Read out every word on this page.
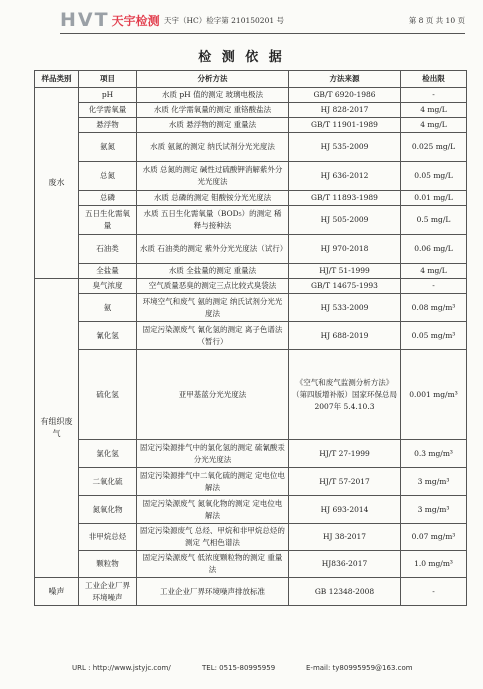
HVT 天宇检测 天宇（HC）检字第 210150201 号	第 8 页 共 10 页
检 测 依 据
样品类别	项目	分析方法	方法来源	检出限
废水	pH	水质 pH 值的测定 玻璃电极法	GB/T 6920-1986	-
	化学需氧量	水质 化学需氧量的测定 重铬酸盐法	HJ 828-2017	4 mg/L
	悬浮物	水质 悬浮物的测定 重量法	GB/T 11901-1989	4 mg/L
	氨氮	水质 氨氮的测定 纳氏试剂分光光度法	HJ 535-2009	0.025 mg/L
	总氮	水质 总氮的测定 碱性过硫酸钾消解紫外分光光度法	HJ 636-2012	0.05 mg/L
	总磷	水质 总磷的测定 钼酸铵分光光度法	GB/T 11893-1989	0.01 mg/L
	五日生化需氧量	水质 五日生化需氧量（BOD₅）的测定 稀释与接种法	HJ 505-2009	0.5 mg/L
	石油类	水质 石油类的测定 紫外分光光度法（试行）	HJ 970-2018	0.06 mg/L
	全盐量	水质 全盐量的测定 重量法	HJ/T 51-1999	4 mg/L
有组织废气	臭气浓度	空气质量恶臭的测定三点比较式臭袋法	GB/T 14675-1993	-
	氨	环境空气和废气 氨的测定 纳氏试剂分光光度法	HJ 533-2009	0.08 mg/m³
	氰化氢	固定污染源废气 氰化氢的测定 离子色谱法（暂行）	HJ 688-2019	0.05 mg/m³
	硫化氢	亚甲基蓝分光光度法	《空气和废气监测分析方法》（第四版增补版）国家环保总局 2007年 5.4.10.3	0.001 mg/m³
	氯化氢	固定污染源排气中的氯化氢的测定 硫氰酸汞分光光度法	HJ/T 27-1999	0.3 mg/m³
	二氧化硫	固定污染源排气中二氧化硫的测定 定电位电解法	HJ/T 57-2017	3 mg/m³
	氮氧化物	固定污染源废气 氮氧化物的测定 定电位电解法	HJ 693-2014	3 mg/m³
	非甲烷总烃	固定污染源废气 总烃、甲烷和非甲烷总烃的测定 气相色谱法	HJ 38-2017	0.07 mg/m³
	颗粒物	固定污染源废气 低浓度颗粒物的测定 重量法	HJ836-2017	1.0 mg/m³
噪声	工业企业厂界环境噪声	工业企业厂界环境噪声排放标准	GB 12348-2008	-
URL : http://www.jstyjc.com/	TEL: 0515-80995959	E-mail: ty80995959@163.com
